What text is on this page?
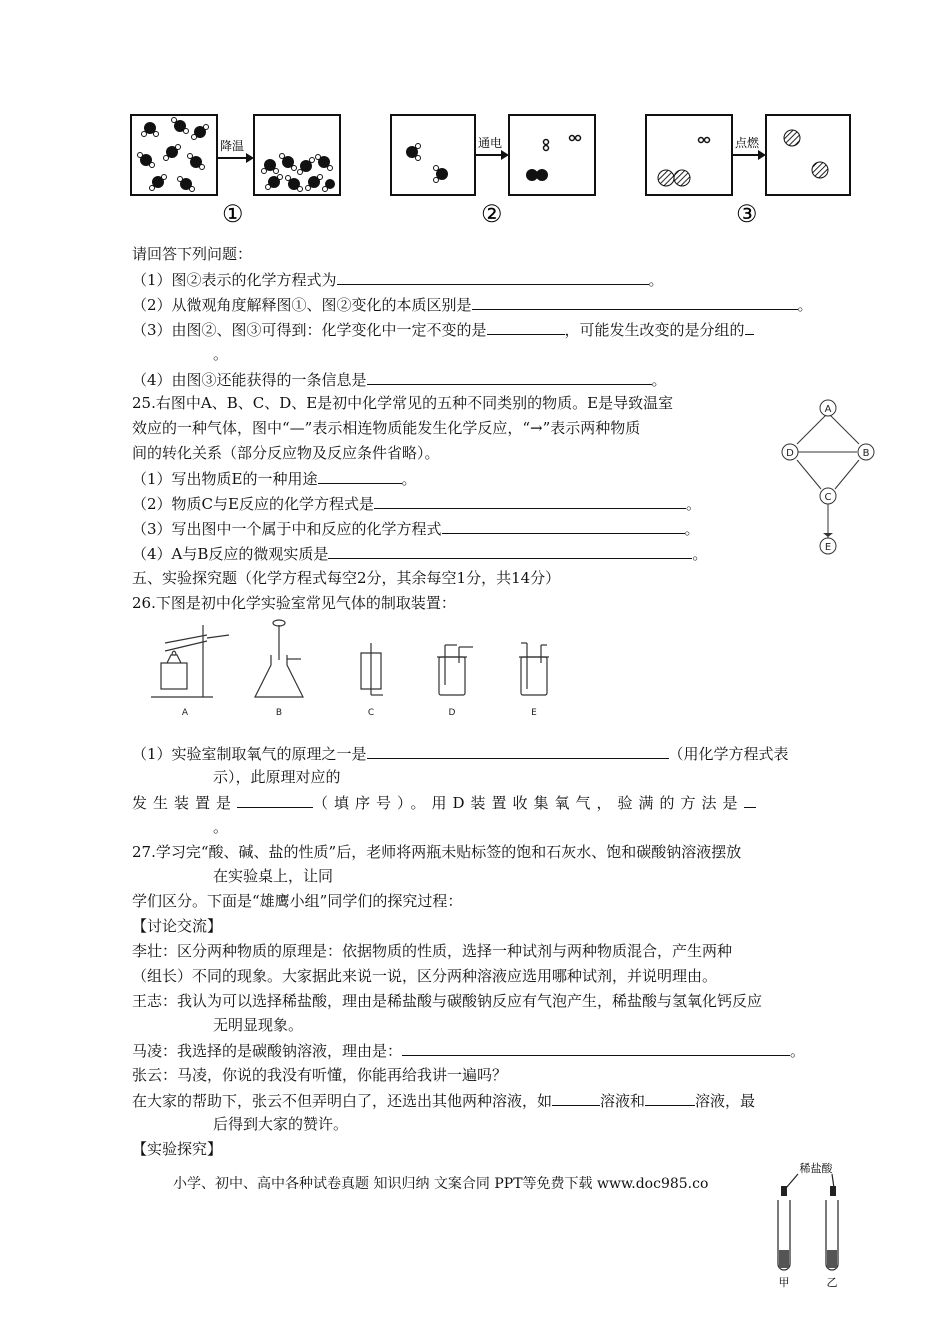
降温
①
通电
②
点燃
③
请回答下列问题：
（1）图②表示的化学方程式为	。
（2）从微观角度解释图①、图②变化的本质区别是	。
（3）由图②、图③可得到：化学变化中一定不变的是	，可能发生改变的是分组的
。
（4）由图③还能获得的一条信息是	。
25.右图中A、B、C、D、E是初中化学常见的五种不同类别的物质。E是导致温室
效应的一种气体，图中“—”表示相连物质能发生化学反应，“→”表示两种物质
间的转化关系（部分反应物及反应条件省略）。
（1）写出物质E的一种用途	。
（2）物质C与E反应的化学方程式是	。
（3）写出图中一个属于中和反应的化学方程式	。
（4）A与B反应的微观实质是	。
A
B
C
D
E
五、实验探究题（化学方程式每空2分，其余每空1分，共14分）
26.下图是初中化学实验室常见气体的制取装置：
A	B	C	D	E
（1）实验室制取氧气的原理之一是	（用化学方程式表
示），此原理对应的
发生装置是	（填序号）。用D装置收集氧气，验满的方法是
。
27.学习完“酸、碱、盐的性质”后，老师将两瓶未贴标签的饱和石灰水、饱和碳酸钠溶液摆放
在实验桌上，让同
学们区分。下面是“雄鹰小组”同学们的探究过程：
【讨论交流】
李壮：区分两种物质的原理是：依据物质的性质，选择一种试剂与两种物质混合，产生两种
（组长）不同的现象。大家据此来说一说，区分两种溶液应选用哪种试剂，并说明理由。
王志：我认为可以选择稀盐酸，理由是稀盐酸与碳酸钠反应有气泡产生，稀盐酸与氢氧化钙反应
无明显现象。
马凌：我选择的是碳酸钠溶液，理由是：	。
张云：马凌，你说的我没有听懂，你能再给我讲一遍吗？
在大家的帮助下，张云不但弄明白了，还选出其他两种溶液，如	溶液和	溶液，最
后得到大家的赞许。
【实验探究】
小学、初中、高中各种试卷真题 知识归纳 文案合同 PPT等免费下载 www.doc985.co
稀盐酸
甲	乙
